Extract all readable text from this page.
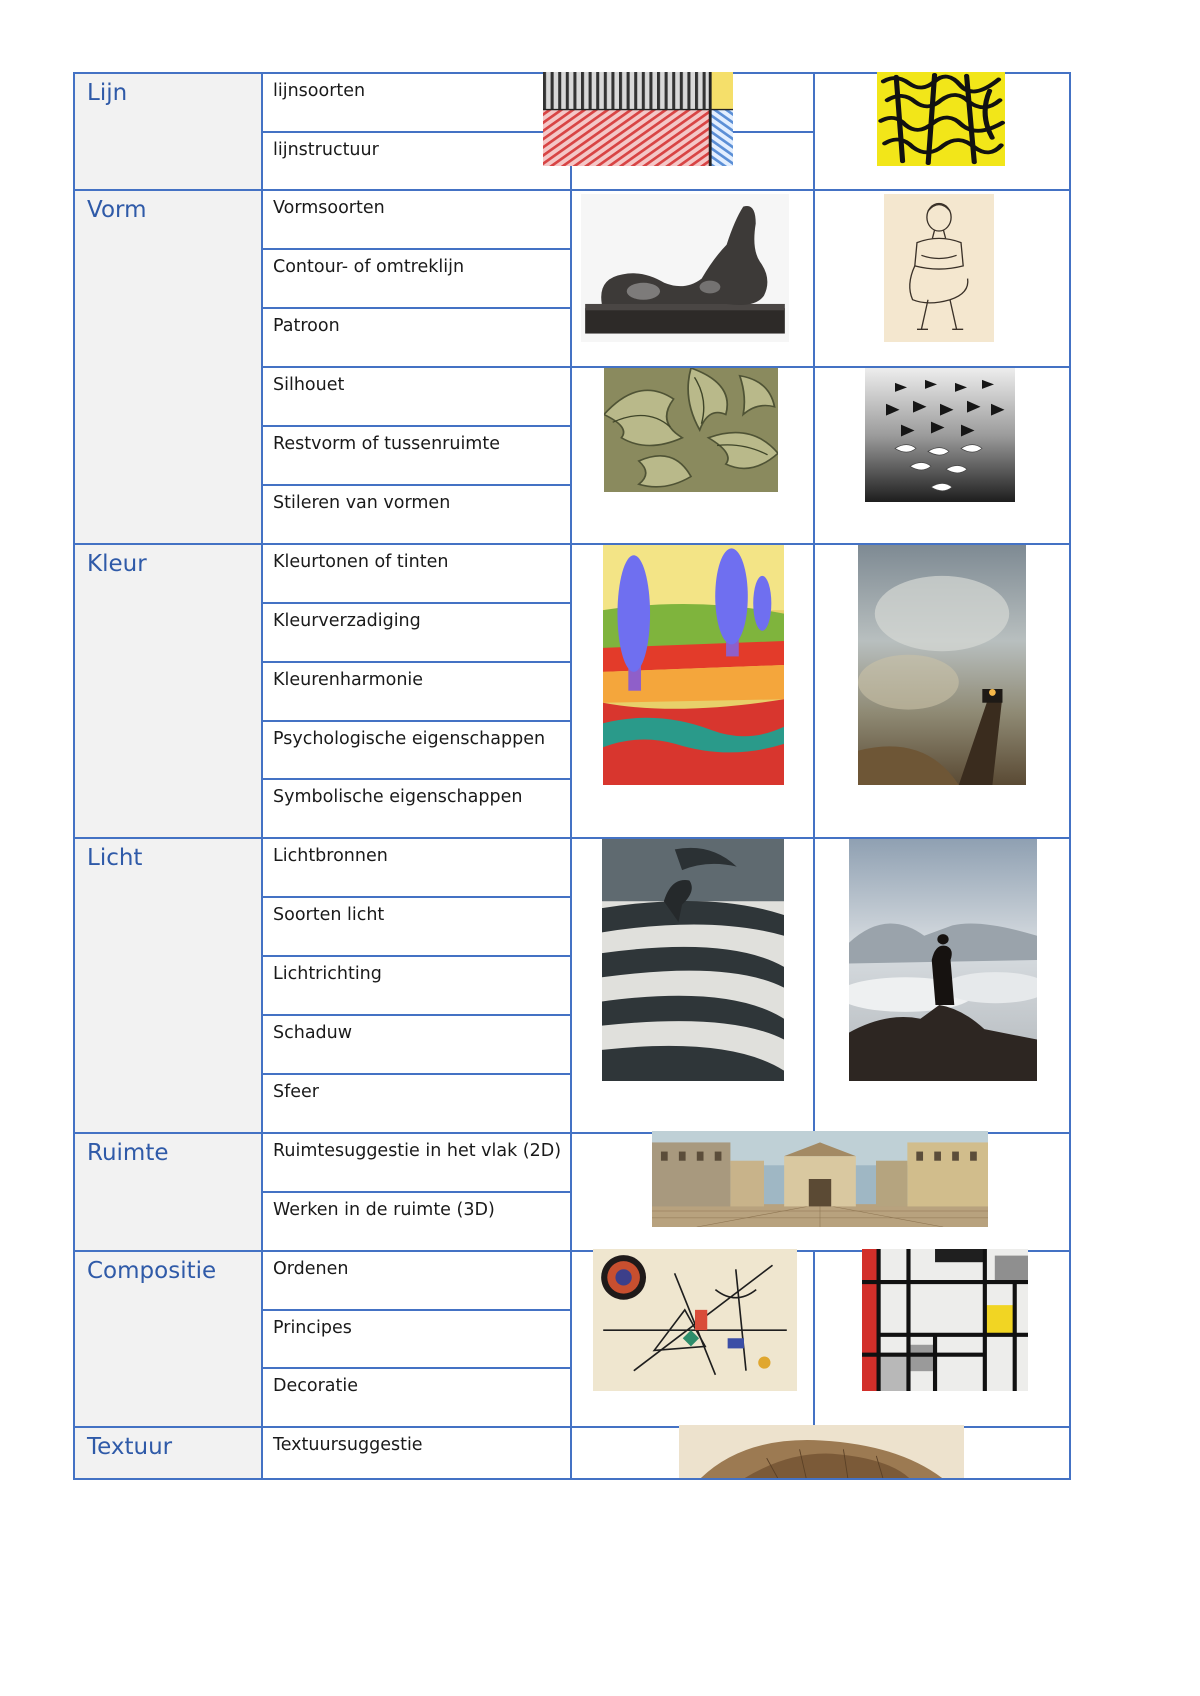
Lijn	lijnsoorten
lijnstructuur
Vorm	Vormsoorten
Contour- of omtreklijn
Patroon
Silhouet
Restvorm of tussenruimte
Stileren van vormen
Kleur	Kleurtonen of tinten
Kleurverzadiging
Kleurenharmonie
Psychologische eigenschappen
Symbolische eigenschappen
Licht	Lichtbronnen
Soorten licht
Lichtrichting
Schaduw
Sfeer
Ruimte	Ruimtesuggestie in het vlak (2D)
Werken in de ruimte (3D)
Compositie	Ordenen
Principes
Decoratie
Textuur	Textuursuggestie
